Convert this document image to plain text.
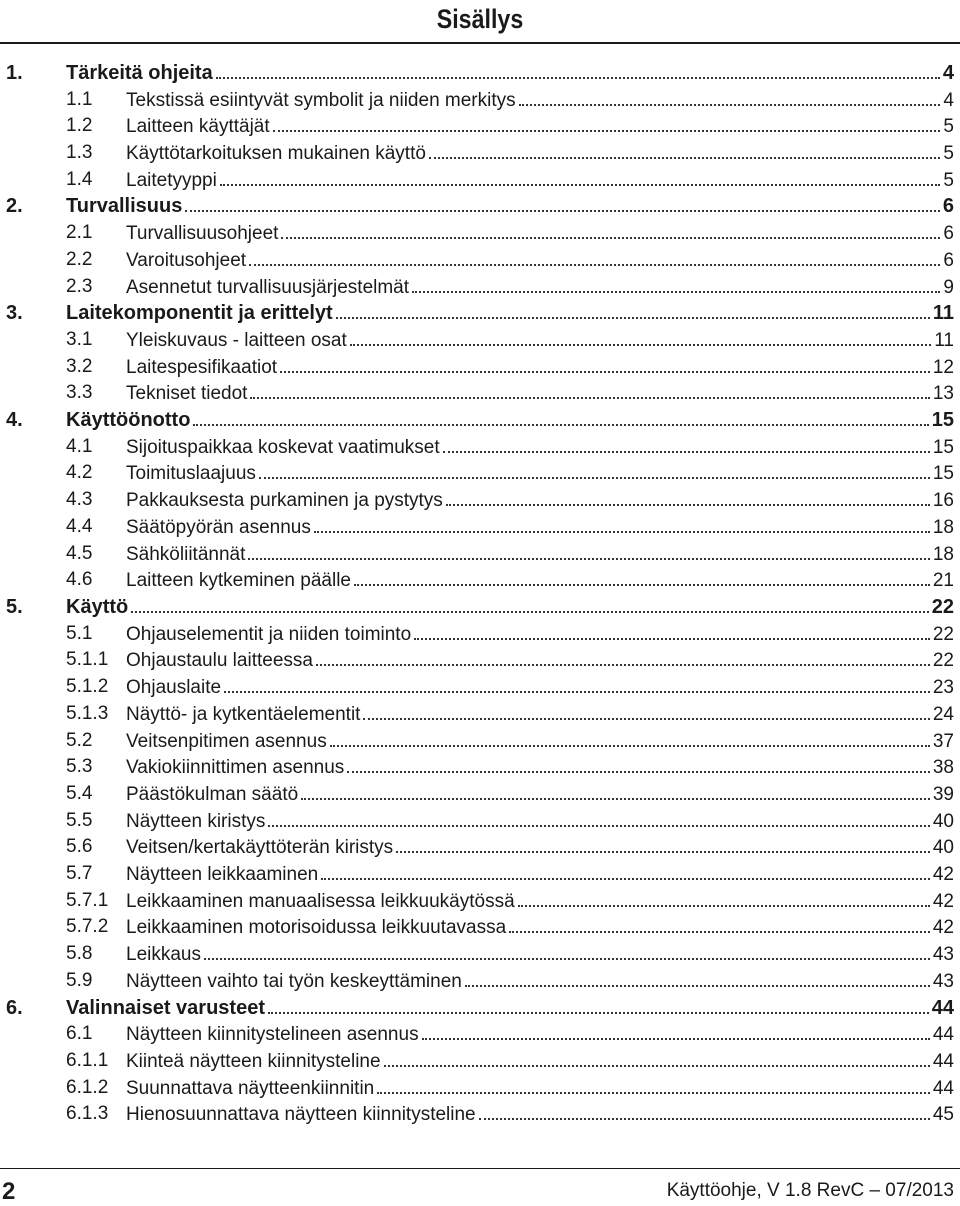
Sisällys
1. Tärkeitä ohjeita	4
1.1 Tekstissä esiintyvät symbolit ja niiden merkitys	4
1.2 Laitteen käyttäjät	5
1.3 Käyttötarkoituksen mukainen käyttö	5
1.4 Laitetyyppi	5
2. Turvallisuus	6
2.1 Turvallisuusohjeet	6
2.2 Varoitusohjeet	6
2.3 Asennetut turvallisuusjärjestelmät	9
3. Laitekomponentit ja erittelyt	11
3.1 Yleiskuvaus - laitteen osat	11
3.2 Laitespesifikaatiot	12
3.3 Tekniset tiedot	13
4. Käyttöönotto	15
4.1 Sijoituspaikkaa koskevat vaatimukset	15
4.2 Toimituslaajuus	15
4.3 Pakkauksesta purkaminen ja pystytys	16
4.4 Säätöpyörän asennus	18
4.5 Sähköliitännät	18
4.6 Laitteen kytkeminen päälle	21
5. Käyttö	22
5.1 Ohjauselementit ja niiden toiminto	22
5.1.1 Ohjaustaulu laitteessa	22
5.1.2 Ohjauslaite	23
5.1.3 Näyttö- ja kytkentäelementit	24
5.2 Veitsenpitimen asennus	37
5.3 Vakiokiinnittimen asennus	38
5.4 Päästökulman säätö	39
5.5 Näytteen kiristys	40
5.6 Veitsen/kertakäyttöterän kiristys	40
5.7 Näytteen leikkaaminen	42
5.7.1 Leikkaaminen manuaalisessa leikkuukäytössä	42
5.7.2 Leikkaaminen motorisoidussa leikkuutavassa	42
5.8 Leikkaus	43
5.9 Näytteen vaihto tai työn keskeyttäminen	43
6. Valinnaiset varusteet	44
6.1 Näytteen kiinnitystelineen asennus	44
6.1.1 Kiinteä näytteen kiinnitysteline	44
6.1.2 Suunnattava näytteenkiinnitin	44
6.1.3 Hienosuunnattava näytteen kiinnitysteline	45
2	Käyttöohje, V 1.8 RevC – 07/2013
